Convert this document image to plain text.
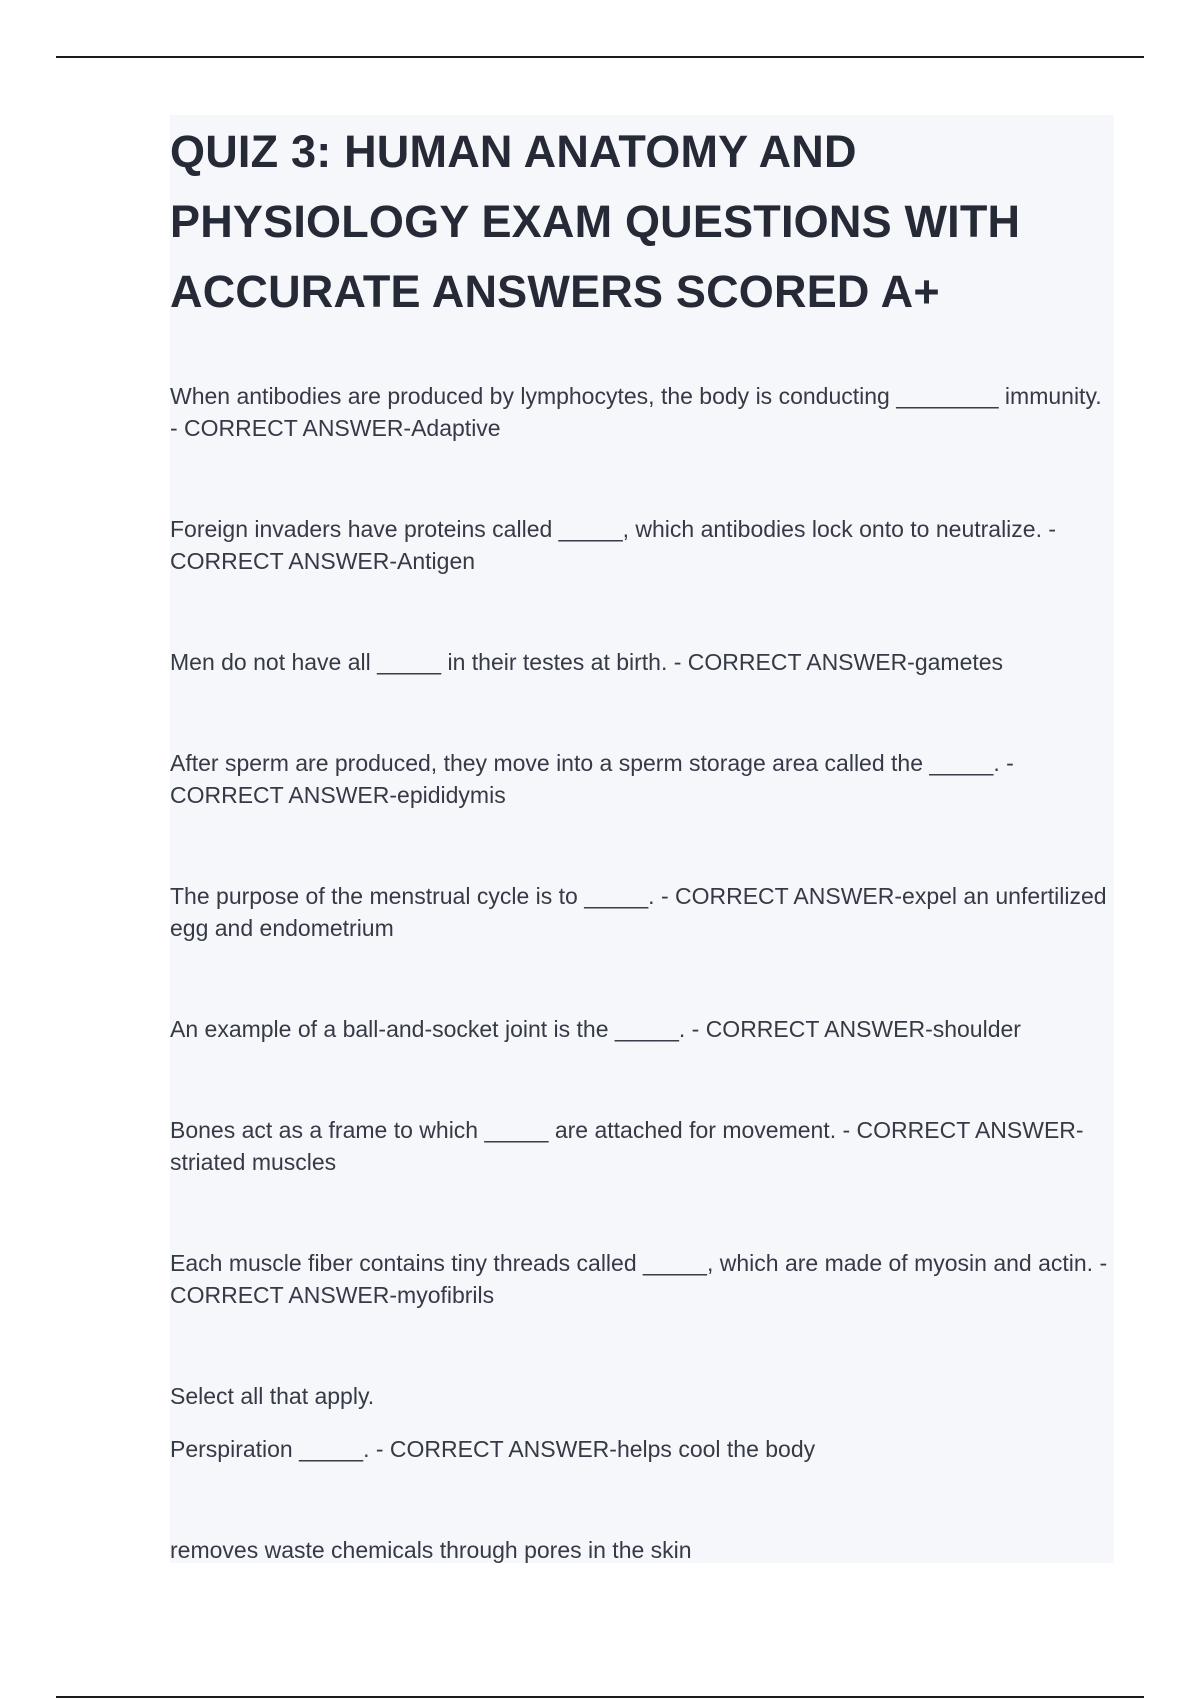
QUIZ 3: HUMAN ANATOMY AND
PHYSIOLOGY EXAM QUESTIONS WITH
ACCURATE ANSWERS SCORED A+

When antibodies are produced by lymphocytes, the body is conducting ________ immunity. - CORRECT ANSWER-Adaptive

Foreign invaders have proteins called _____, which antibodies lock onto to neutralize. - CORRECT ANSWER-Antigen

Men do not have all _____ in their testes at birth. - CORRECT ANSWER-gametes

After sperm are produced, they move into a sperm storage area called the _____. - CORRECT ANSWER-epididymis

The purpose of the menstrual cycle is to _____. - CORRECT ANSWER-expel an unfertilized egg and endometrium

An example of a ball-and-socket joint is the _____. - CORRECT ANSWER-shoulder

Bones act as a frame to which _____ are attached for movement. - CORRECT ANSWER-striated muscles

Each muscle fiber contains tiny threads called _____, which are made of myosin and actin. - CORRECT ANSWER-myofibrils

Select all that apply.

Perspiration _____. - CORRECT ANSWER-helps cool the body

removes waste chemicals through pores in the skin
